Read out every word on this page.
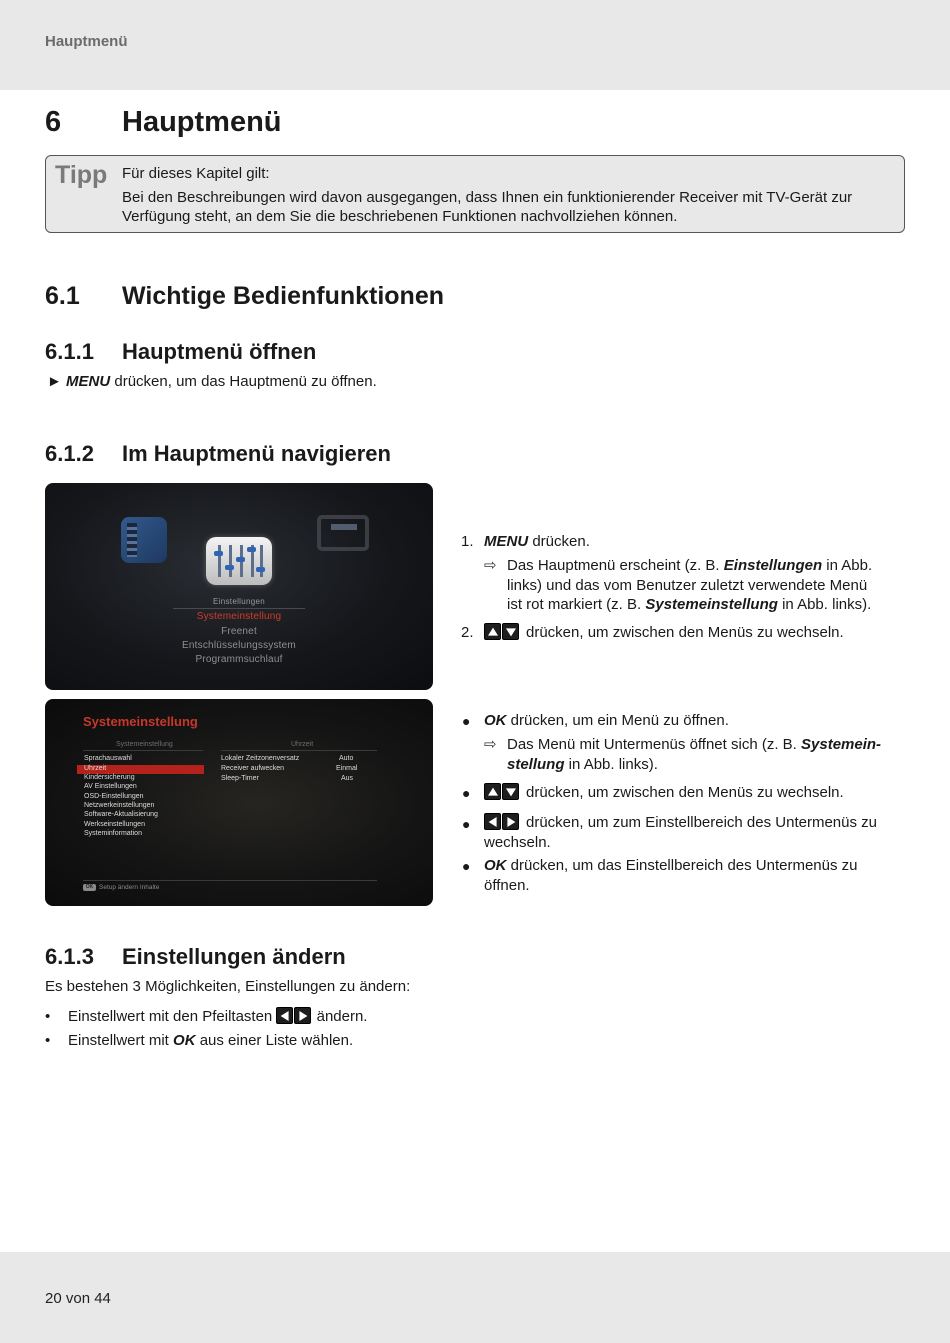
Hauptmenü
6 Hauptmenü
Tipp Für dieses Kapitel gilt:

Bei den Beschreibungen wird davon ausgegangen, dass Ihnen ein funktionierender Receiver mit TV-Gerät zur Verfügung steht, an dem Sie die beschriebenen Funktionen nachvollziehen können.

6.1 Wichtige Bedienfunktionen
6.1.1 Hauptmenü öffnen
► MENU drücken, um das Hauptmenü zu öffnen.
6.1.2 Im Hauptmenü navigieren
Einstellungen
Systemeinstellung
Freenet
Entschlüsselungssystem
Programmsuchlauf
1. MENU drücken.
⇨ Das Hauptmenü erscheint (z. B. Einstellungen in Abb.
links) und das vom Benutzer zuletzt verwendete Menü
ist rot markiert (z. B. Systemeinstellung in Abb. links).
2.	drücken, um zwischen den Menüs zu wechseln.
Systemeinstellung
Systemeinstellung	Uhrzeit
Sprachauswahl
Uhrzeit
Kindersicherung
AV Einstellungen
OSD-Einstellungen
Netzwerkeinstellungen
Software-Aktualisierung
Werkseinstellungen
Systeminformation
Lokaler Zeitzonenversatz	Auto
Receiver aufwecken	Einmal
Sleep-Timer	Aus
OK Setup ändern Inhalte
● OK drücken, um ein Menü zu öffnen.
⇨ Das Menü mit Untermenüs öffnet sich (z. B. Systemein-
stellung in Abb. links).
●	drücken, um zwischen den Menüs zu wechseln.
●	drücken, um zum Einstellbereich des Untermenüs zu
wechseln.
● OK drücken, um das Einstellbereich des Untermenüs zu
öffnen.
6.1.3 Einstellungen ändern
Es bestehen 3 Möglichkeiten, Einstellungen zu ändern:
• Einstellwert mit den Pfeiltasten  ändern.
• Einstellwert mit OK aus einer Liste wählen.
20 von 44
